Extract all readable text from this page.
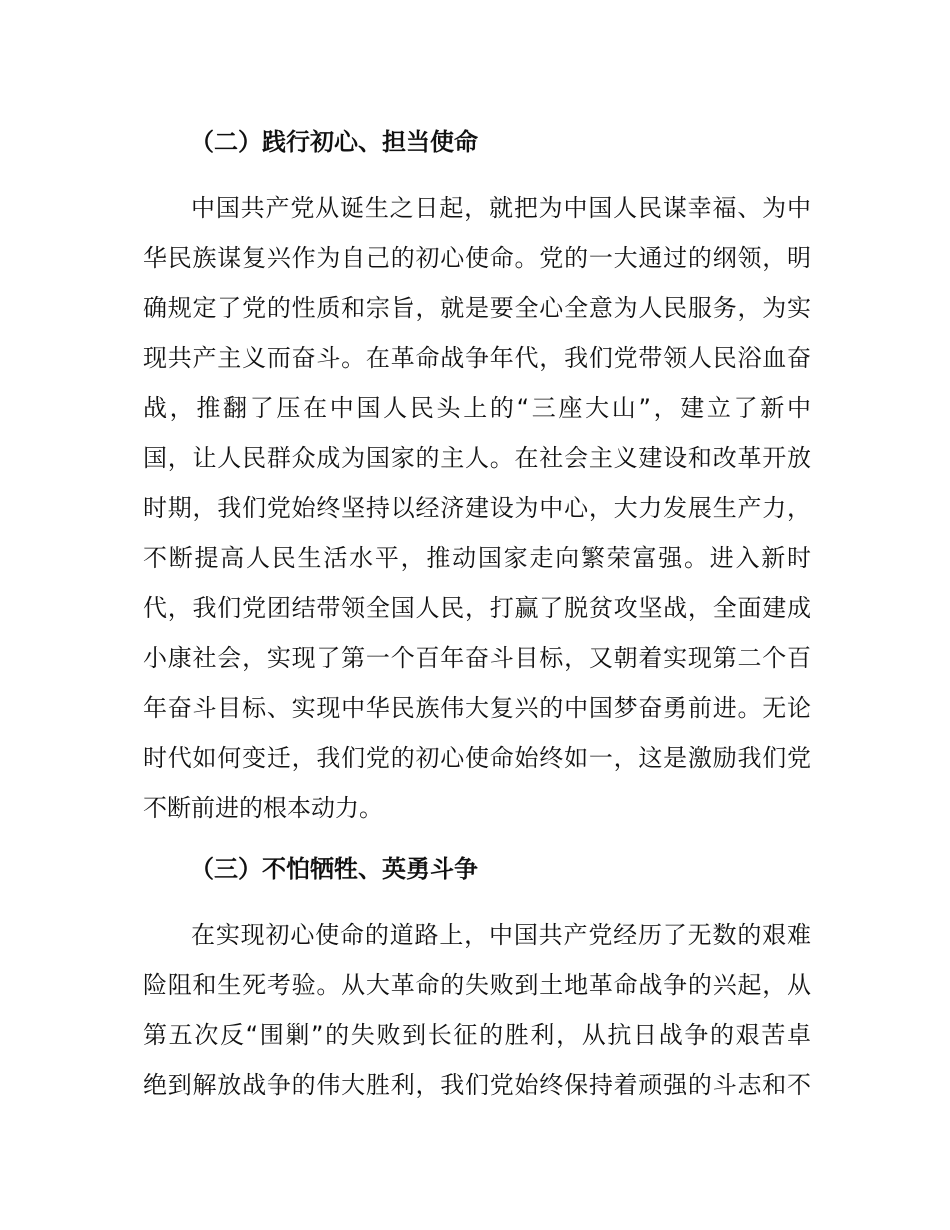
（二）践行初心、担当使命
中国共产党从诞生之日起，就把为中国人民谋幸福、为中
华民族谋复兴作为自己的初心使命。党的一大通过的纲领，明
确规定了党的性质和宗旨，就是要全心全意为人民服务，为实
现共产主义而奋斗。在革命战争年代，我们党带领人民浴血奋
战，推翻了压在中国人民头上的“三座大山”，建立了新中
国，让人民群众成为国家的主人。在社会主义建设和改革开放
时期，我们党始终坚持以经济建设为中心，大力发展生产力，
不断提高人民生活水平，推动国家走向繁荣富强。进入新时
代，我们党团结带领全国人民，打赢了脱贫攻坚战，全面建成
小康社会，实现了第一个百年奋斗目标，又朝着实现第二个百
年奋斗目标、实现中华民族伟大复兴的中国梦奋勇前进。无论
时代如何变迁，我们党的初心使命始终如一，这是激励我们党
不断前进的根本动力。
（三）不怕牺牲、英勇斗争
在实现初心使命的道路上，中国共产党经历了无数的艰难
险阻和生死考验。从大革命的失败到土地革命战争的兴起，从
第五次反“围剿”的失败到长征的胜利，从抗日战争的艰苦卓
绝到解放战争的伟大胜利，我们党始终保持着顽强的斗志和不
